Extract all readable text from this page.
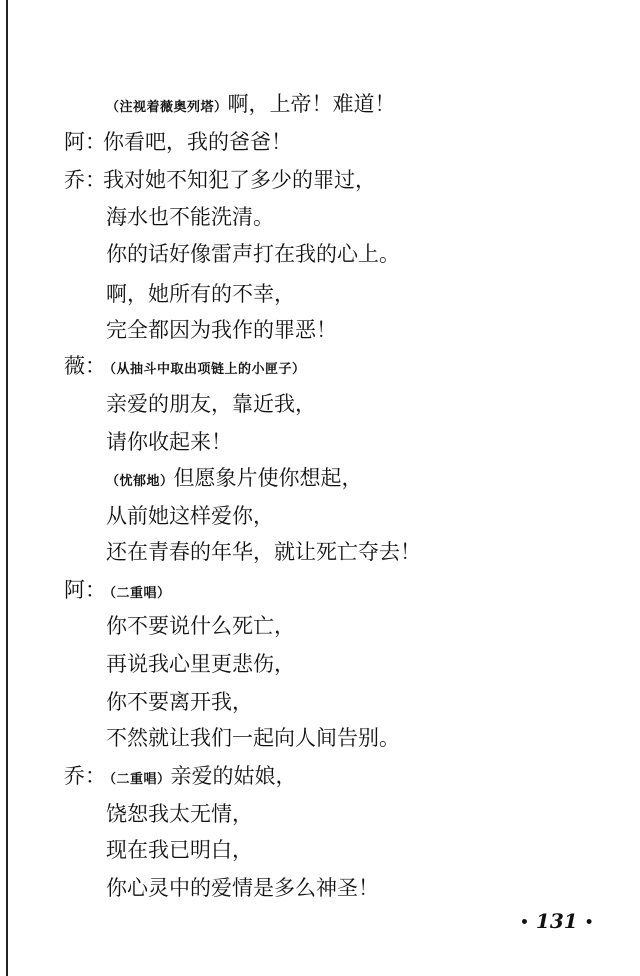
（注视着薇奥列塔）啊，上帝！难道！
阿：
你看吧，我的爸爸！
乔：
我对她不知犯了多少的罪过，
海水也不能洗清。
你的话好像雷声打在我的心上。
啊，她所有的不幸，
完全都因为我作的罪恶！
薇：
（从抽斗中取出项链上的小匣子）
亲爱的朋友，靠近我，
请你收起来！
（忧郁地）但愿象片使你想起，
从前她这样爱你，
还在青春的年华，就让死亡夺去！
阿：
（二重唱）
你不要说什么死亡，
再说我心里更悲伤，
你不要离开我，
不然就让我们一起向人间告别。
乔：
（二重唱）亲爱的姑娘，
饶恕我太无情，
现在我已明白，
你心灵中的爱情是多么神圣！
• 131 •
